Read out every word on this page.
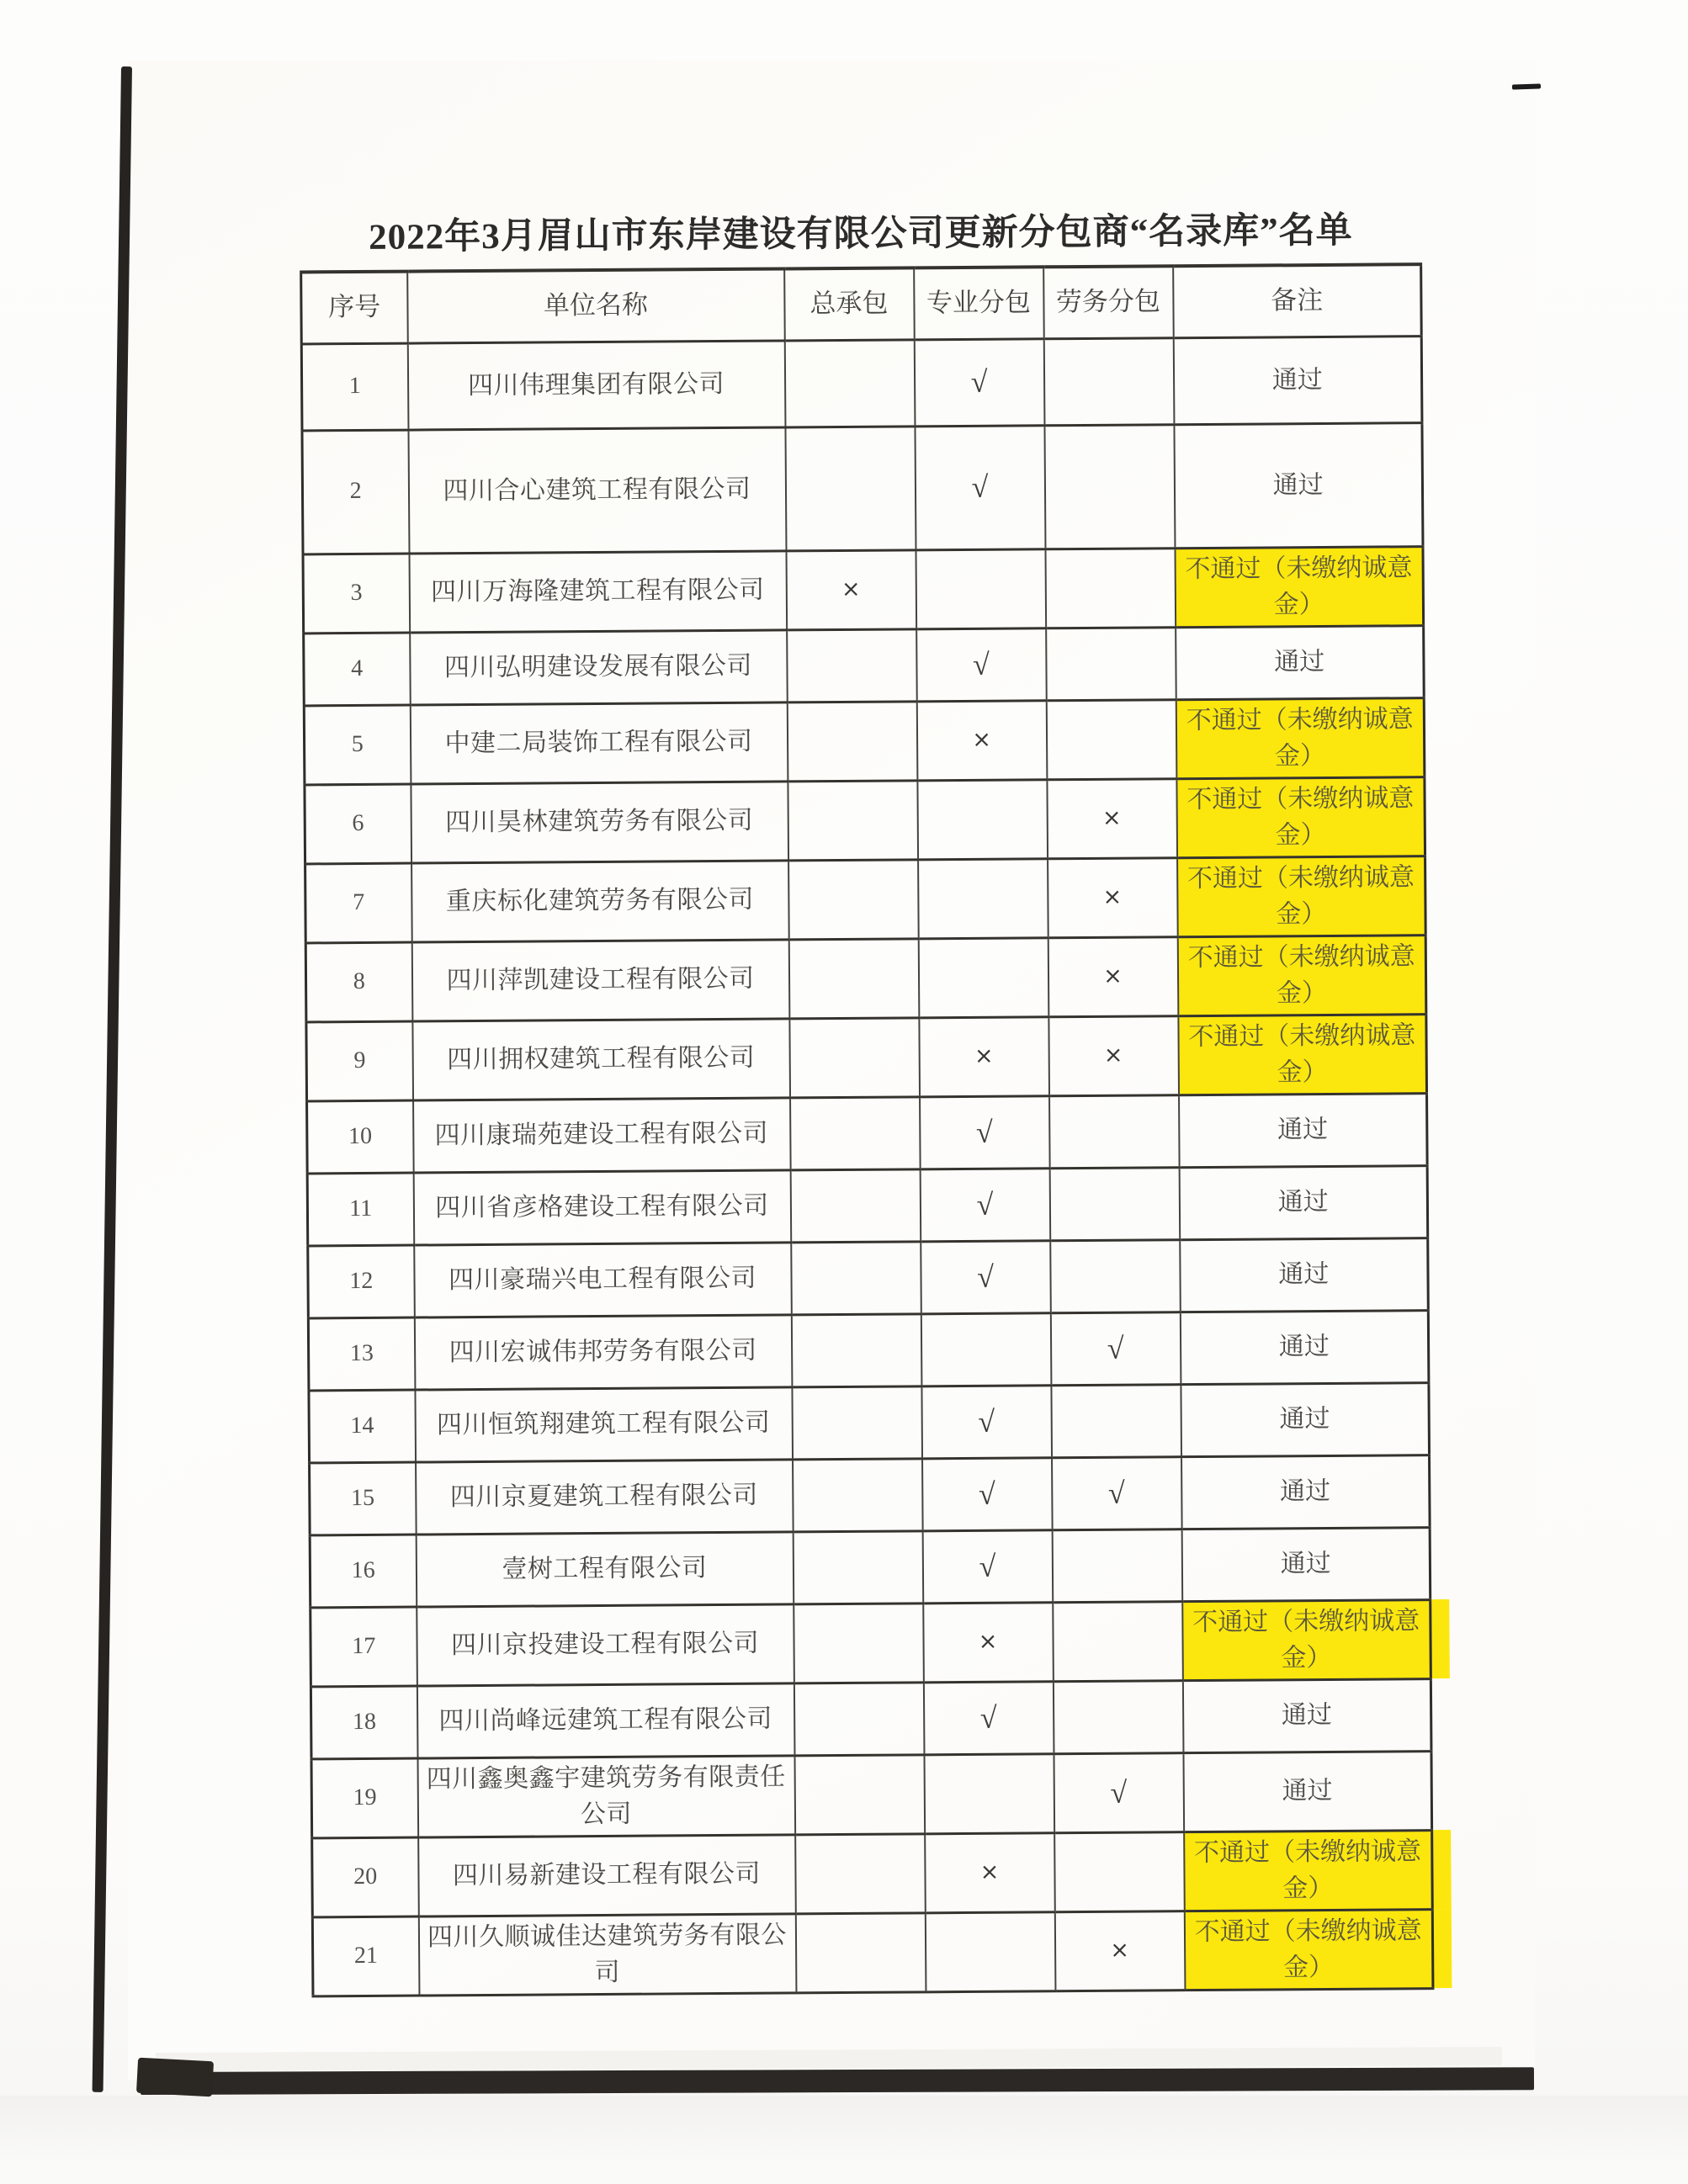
2022年3月眉山市东岸建设有限公司更新分包商“名录库”名单
序号	单位名称	总承包	专业分包	劳务分包	备注
1	四川伟理集团有限公司		√		通过
2	四川合心建筑工程有限公司		√		通过
3	四川万海隆建筑工程有限公司	×			不通过（未缴纳诚意金）
4	四川弘明建设发展有限公司		√		通过
5	中建二局装饰工程有限公司		×		不通过（未缴纳诚意金）
6	四川昊林建筑劳务有限公司			×	不通过（未缴纳诚意金）
7	重庆标化建筑劳务有限公司			×	不通过（未缴纳诚意金）
8	四川萍凯建设工程有限公司			×	不通过（未缴纳诚意金）
9	四川拥权建筑工程有限公司		×	×	不通过（未缴纳诚意金）
10	四川康瑞苑建设工程有限公司		√		通过
11	四川省彦格建设工程有限公司		√		通过
12	四川豪瑞兴电工程有限公司		√		通过
13	四川宏诚伟邦劳务有限公司			√	通过
14	四川恒筑翔建筑工程有限公司		√		通过
15	四川京夏建筑工程有限公司		√	√	通过
16	壹树工程有限公司		√		通过
17	四川京投建设工程有限公司		×		不通过（未缴纳诚意金）
18	四川尚峰远建筑工程有限公司		√		通过
19	四川鑫奥鑫宇建筑劳务有限责任公司			√	通过
20	四川易新建设工程有限公司		×		不通过（未缴纳诚意金）
21	四川久顺诚佳达建筑劳务有限公司			×	不通过（未缴纳诚意金）
